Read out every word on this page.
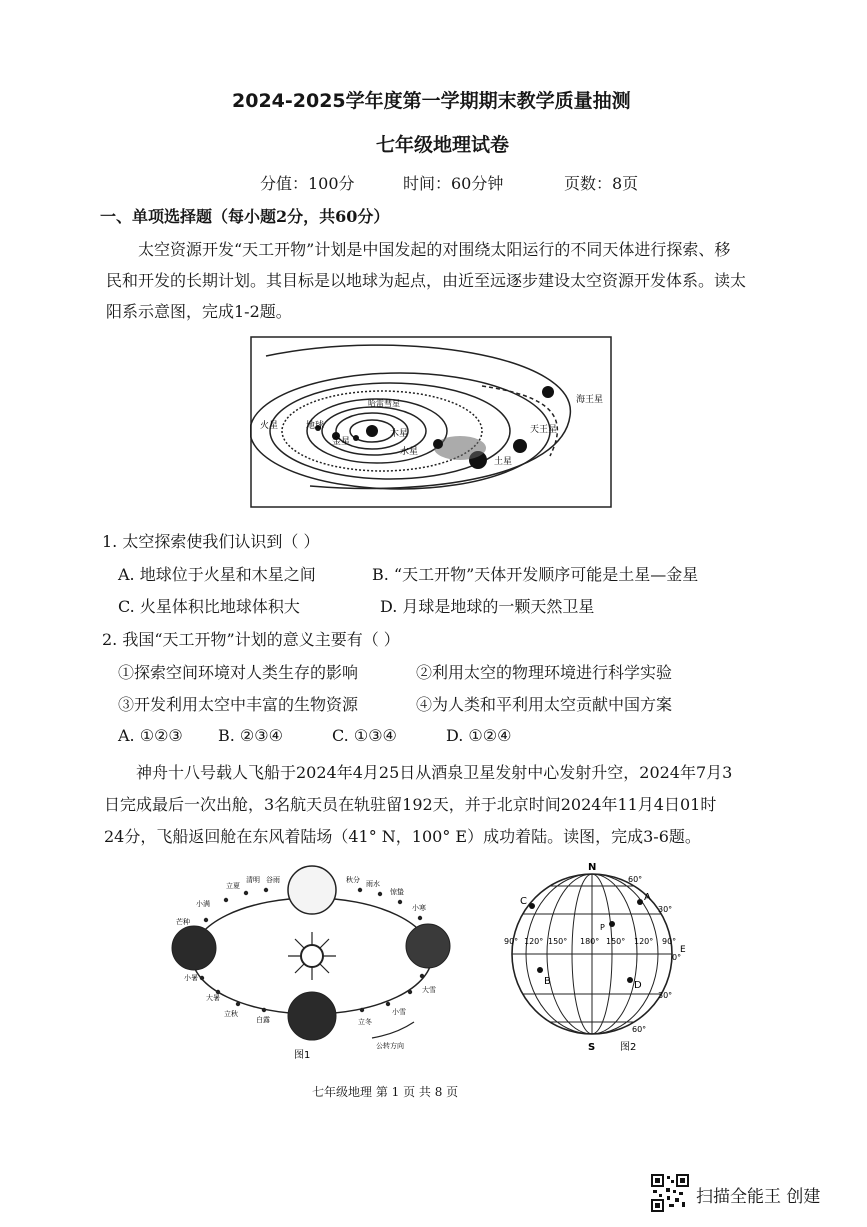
2024-2025学年度第一学期期末教学质量抽测
七年级地理试卷
分值：100分	时间：60分钟	页数：8页
一、单项选择题（每小题2分，共60分）
太空资源开发“天工开物”计划是中国发起的对围绕太阳运行的不同天体进行探索、移
民和开发的长期计划。其目标是以地球为起点，由近至远逐步建设太空资源开发体系。读太
阳系示意图，完成1-2题。
海王星
天王星
土星
木星
火星	地球
金星
水星
哈雷彗星
1. 太空探索使我们认识到（ ）
A. 地球位于火星和木星之间	B. “天工开物”天体开发顺序可能是土星—金星
C. 火星体积比地球体积大	D. 月球是地球的一颗天然卫星
2. 我国“天工开物”计划的意义主要有（ ）
①探索空间环境对人类生存的影响	②利用太空的物理环境进行科学实验
③开发利用太空中丰富的生物资源	④为人类和平利用太空贡献中国方案
A. ①②③ B. ②③④	C. ①③④	D. ①②④
神舟十八号载人飞船于2024年4月25日从酒泉卫星发射中心发射升空，2024年7月3
日完成最后一次出舱，3名航天员在轨驻留192天，并于北京时间2024年11月4日01时
24分，飞船返回舱在东风着陆场（41° N，100° E）成功着陆。读图，完成3-6题。
立夏
小满
芒种
清明 谷雨	秋分 雨水
惊蛰
小寒
小暑
大暑
立秋
白露	立冬
小雪
大雪
公转方向
图1
N
S
E
90° 120° 150° 180° 150° 120° 90°
60°
30°
0°
30°
60°
A
B
C
D
P
图2
七年级地理 第 1 页 共 8 页
扫描全能王 创建
